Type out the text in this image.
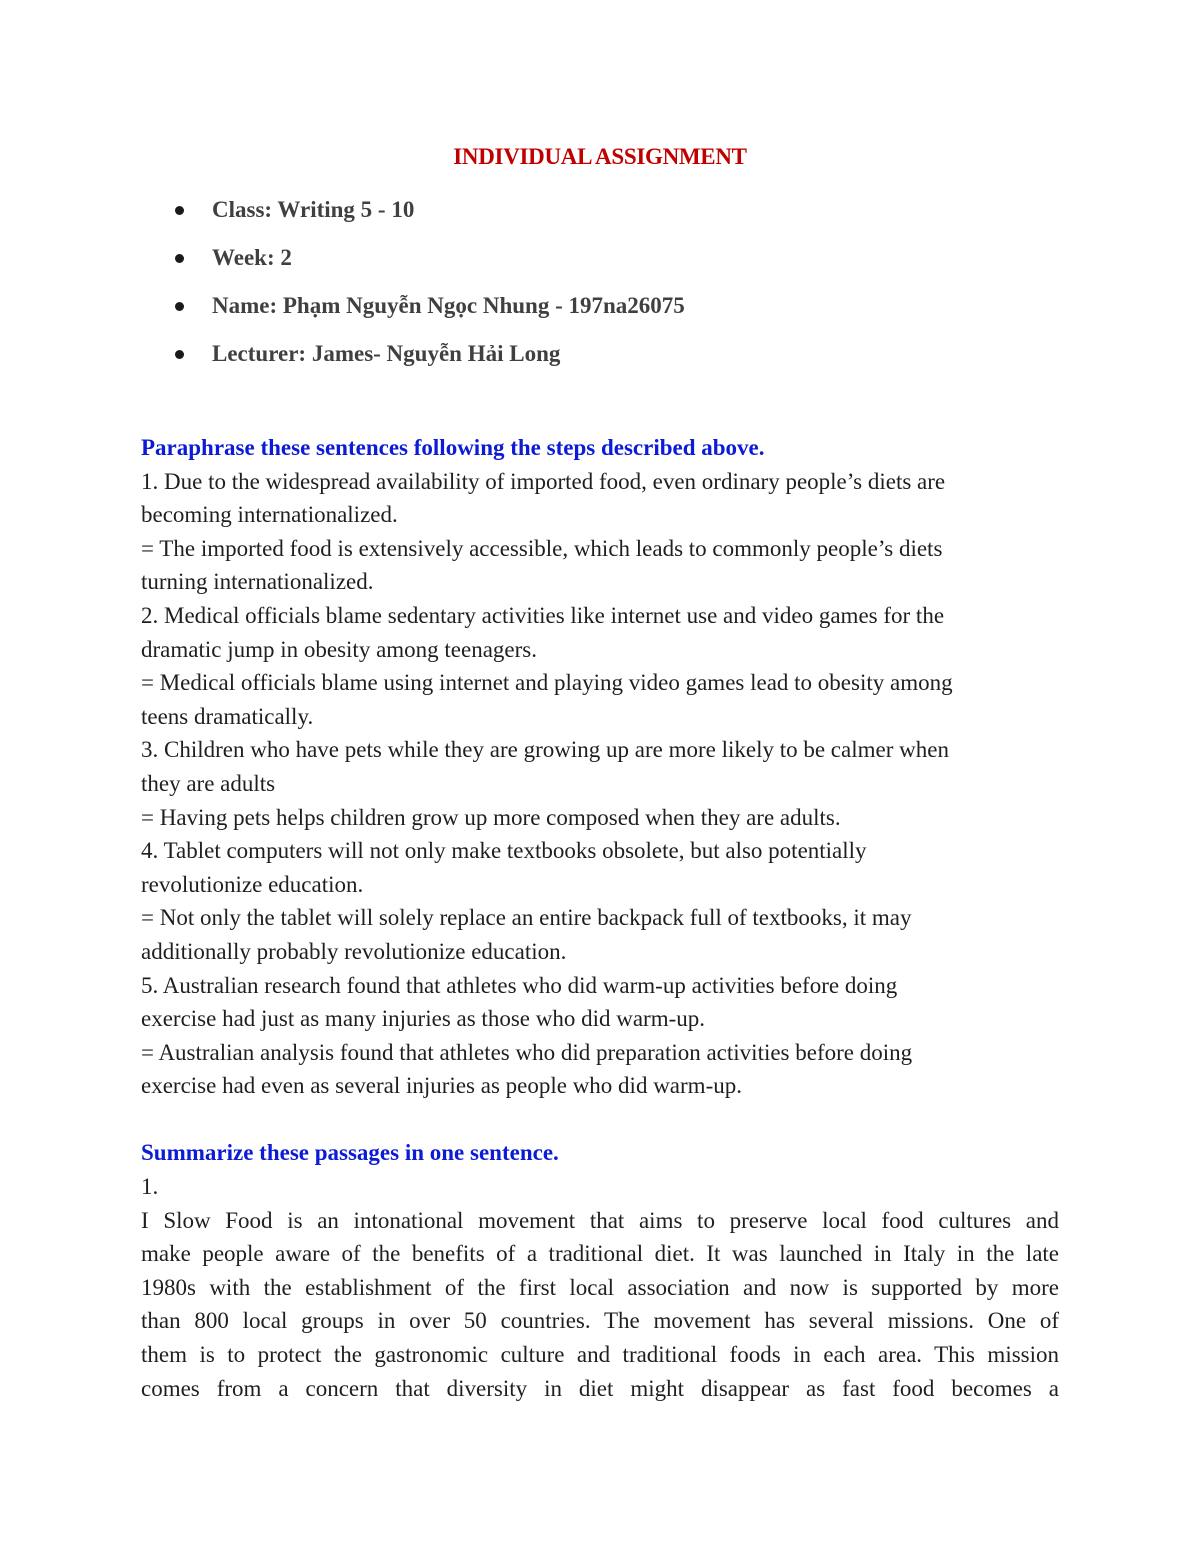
INDIVIDUAL ASSIGNMENT
Class: Writing 5 - 10
Week: 2
Name: Phạm Nguyễn Ngọc Nhung - 197na26075
Lecturer: James- Nguyễn Hải Long

Paraphrase these sentences following the steps described above.

1. Due to the widespread availability of imported food, even ordinary people’s diets are

becoming internationalized.

= The imported food is extensively accessible, which leads to commonly people’s diets

turning internationalized.

2. Medical officials blame sedentary activities like internet use and video games for the

dramatic jump in obesity among teenagers.

= Medical officials blame using internet and playing video games lead to obesity among

teens dramatically.

3. Children who have pets while they are growing up are more likely to be calmer when

they are adults

= Having pets helps children grow up more composed when they are adults.

4. Tablet computers will not only make textbooks obsolete, but also potentially

revolutionize education.

= Not only the tablet will solely replace an entire backpack full of textbooks, it may

additionally probably revolutionize education.

5. Australian research found that athletes who did warm-up activities before doing

exercise had just as many injuries as those who did warm-up.

= Australian analysis found that athletes who did preparation activities before doing

exercise had even as several injuries as people who did warm-up.

Summarize these passages in one sentence.

1.

I Slow Food is an intonational movement that aims to preserve local food cultures and

make people aware of the benefits of a traditional diet. It was launched in Italy in the late

1980s with the establishment of the first local association and now is supported by more

than 800 local groups in over 50 countries. The movement has several missions. One of

them is to protect the gastronomic culture and traditional foods in each area. This mission

comes from a concern that diversity in diet might disappear as fast food becomes a
